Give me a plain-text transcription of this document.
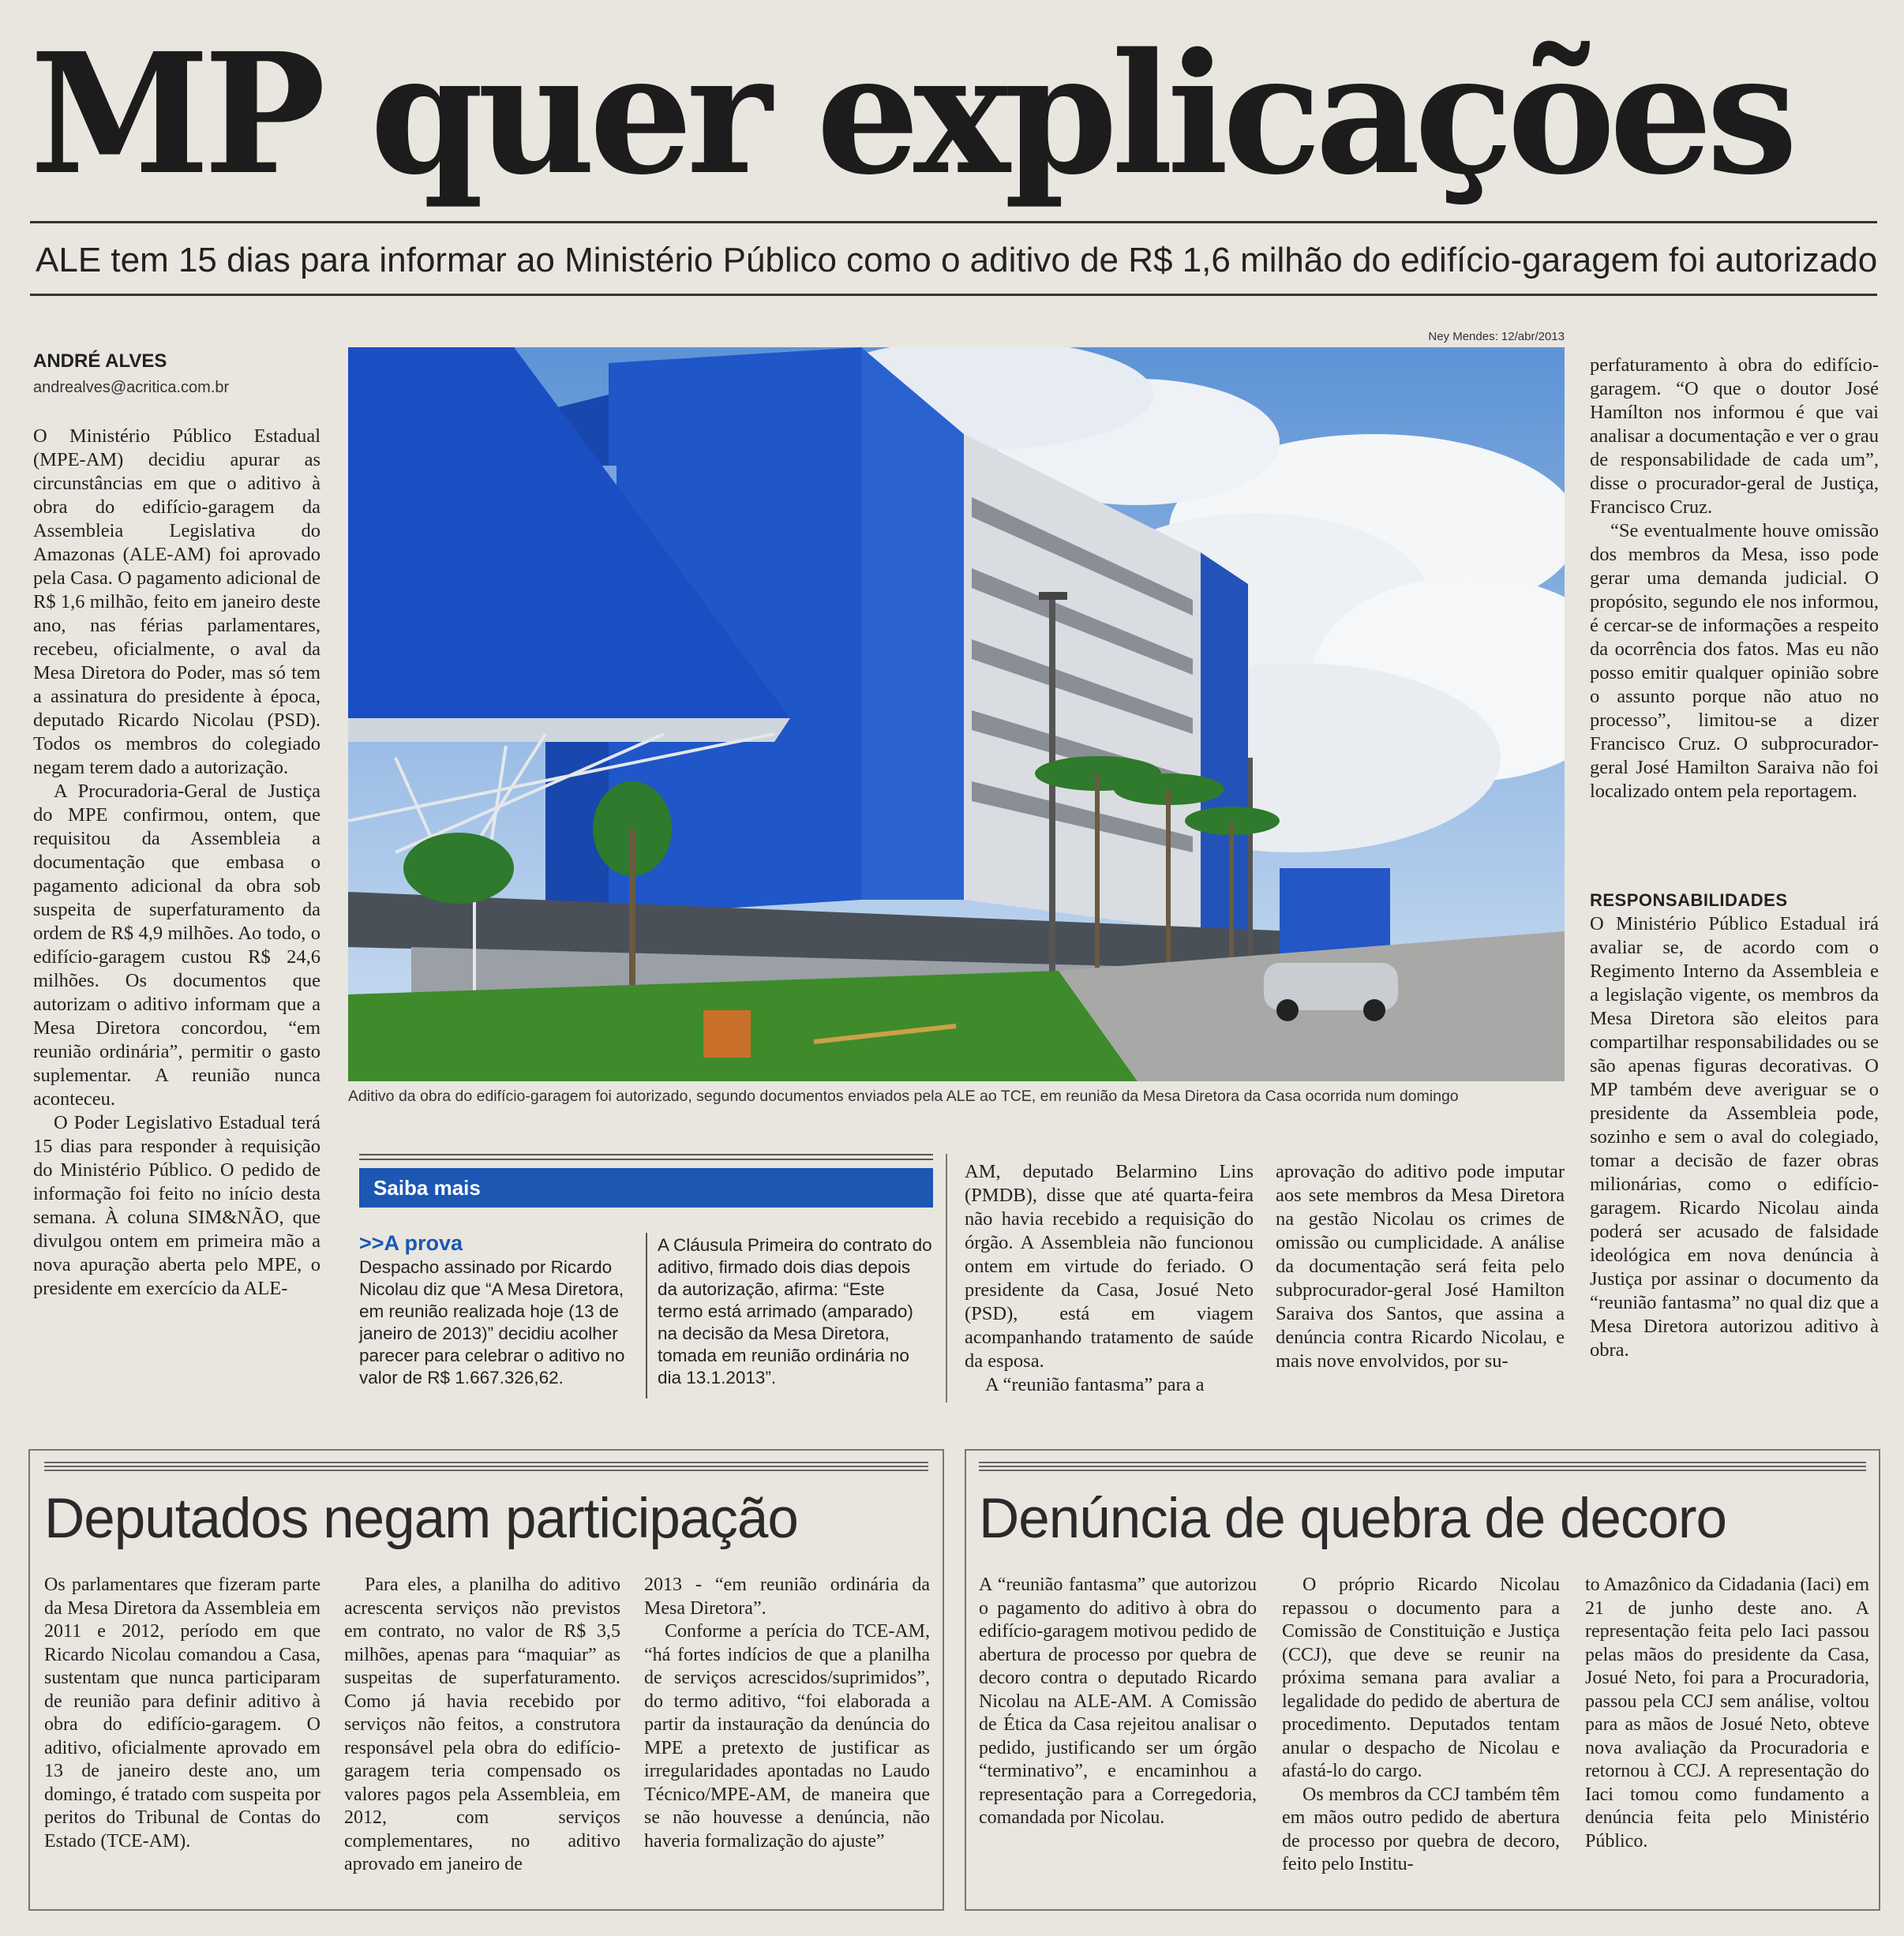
MP quer explicações
ALE tem 15 dias para informar ao Ministério Público como o aditivo de R$ 1,6 milhão do edifício-garagem foi autorizado
ANDRÉ ALVES
andrealves@acritica.com.br

O Ministério Público Estadual (MPE-AM) decidiu apurar as circunstâncias em que o aditivo à obra do edifício-garagem da Assembleia Legislativa do Amazonas (ALE-AM) foi aprovado pela Casa. O pagamento adicional de R$ 1,6 milhão, feito em janeiro deste ano, nas férias parlamentares, recebeu, oficialmente, o aval da Mesa Diretora do Poder, mas só tem a assinatura do presidente à época, deputado Ricardo Nicolau (PSD). Todos os membros do colegiado negam terem dado a autorização.

A Procuradoria-Geral de Justiça do MPE confirmou, ontem, que requisitou da Assembleia a documentação que embasa o pagamento adicional da obra sob suspeita de superfaturamento da ordem de R$ 4,9 milhões. Ao todo, o edifício-garagem custou R$ 24,6 milhões. Os documentos que autorizam o aditivo informam que a Mesa Diretora concordou, “em reunião ordinária”, permitir o gasto suplementar. A reunião nunca aconteceu.

O Poder Legislativo Estadual terá 15 dias para responder à requisição do Ministério Público. O pedido de informação foi feito no início desta semana. À coluna SIM&NÃO, que divulgou ontem em primeira mão a nova apuração aberta pelo MPE, o presidente em exercício da ALE-

Ney Mendes: 12/abr/2013
Aditivo da obra do edifício-garagem foi autorizado, segundo documentos enviados pela ALE ao TCE, em reunião da Mesa Diretora da Casa ocorrida num domingo
Saiba mais
>>A prova
Despacho assinado por Ricardo Nicolau diz que “A Mesa Diretora, em reunião realizada hoje (13 de janeiro de 2013)” decidiu acolher parecer para celebrar o aditivo no valor de R$ 1.667.326,62.
A Cláusula Primeira do contrato do aditivo, firmado dois dias depois da autorização, afirma: “Este termo está arrimado (amparado) na decisão da Mesa Diretora, tomada em reunião ordinária no dia 13.1.2013”.

AM, deputado Belarmino Lins (PMDB), disse que até quarta-feira não havia recebido a requisição do órgão. A Assembleia não funcionou ontem em virtude do feriado. O presidente da Casa, Josué Neto (PSD), está em viagem acompanhando tratamento de saúde da esposa.

A “reunião fantasma” para a

aprovação do aditivo pode imputar aos sete membros da Mesa Diretora na gestão Nicolau os crimes de omissão ou cumplicidade. A análise da documentação será feita pelo subprocurador-geral José Hamilton Saraiva dos Santos, que assina a denúncia contra Ricardo Nicolau, e mais nove envolvidos, por su-

perfaturamento à obra do edifício-garagem. “O que o doutor José Hamílton nos informou é que vai analisar a documentação e ver o grau de responsabilidade de cada um”, disse o procurador-geral de Justiça, Francisco Cruz.

“Se eventualmente houve omissão dos membros da Mesa, isso pode gerar uma demanda judicial. O propósito, segundo ele nos informou, é cercar-se de informações a respeito da ocorrência dos fatos. Mas eu não posso emitir qualquer opinião sobre o assunto porque não atuo no processo”, limitou-se a dizer Francisco Cruz. O subprocurador-geral José Hamilton Saraiva não foi localizado ontem pela reportagem.

RESPONSABILIDADES

O Ministério Público Estadual irá avaliar se, de acordo com o Regimento Interno da Assembleia e a legislação vigente, os membros da Mesa Diretora são eleitos para compartilhar responsabilidades ou se são apenas figuras decorativas. O MP também deve averiguar se o presidente da Assembleia pode, sozinho e sem o aval do colegiado, tomar a decisão de fazer obras milionárias, como o edifício-garagem. Ricardo Nicolau ainda poderá ser acusado de falsidade ideológica em nova denúncia à Justiça por assinar o documento da “reunião fantasma” no qual diz que a Mesa Diretora autorizou aditivo à obra.

Deputados negam participação

Os parlamentares que fizeram parte da Mesa Diretora da Assembleia em 2011 e 2012, período em que Ricardo Nicolau comandou a Casa, sustentam que nunca participaram de reunião para definir aditivo à obra do edifício-garagem. O aditivo, oficialmente aprovado em 13 de janeiro deste ano, um domingo, é tratado com suspeita por peritos do Tribunal de Contas do Estado (TCE-AM).

Para eles, a planilha do aditivo acrescenta serviços não previstos em contrato, no valor de R$ 3,5 milhões, apenas para “maquiar” as suspeitas de superfaturamento. Como já havia recebido por serviços não feitos, a construtora responsável pela obra do edifício-garagem teria compensado os valores pagos pela Assembleia, em 2012, com serviços complementares, no aditivo aprovado em janeiro de

2013 - “em reunião ordinária da Mesa Diretora”.

Conforme a perícia do TCE-AM, “há fortes indícios de que a planilha de serviços acrescidos/suprimidos”, do termo aditivo, “foi elaborada a partir da instauração da denúncia do MPE a pretexto de justificar as irregularidades apontadas no Laudo Técnico/MPE-AM, de maneira que se não houvesse a denúncia, não haveria formalização do ajuste”

Denúncia de quebra de decoro

A “reunião fantasma” que autorizou o pagamento do aditivo à obra do edifício-garagem motivou pedido de abertura de processo por quebra de decoro contra o deputado Ricardo Nicolau na ALE-AM. A Comissão de Ética da Casa rejeitou analisar o pedido, justificando ser um órgão “terminativo”, e encaminhou a representação para a Corregedoria, comandada por Nicolau.

O próprio Ricardo Nicolau repassou o documento para a Comissão de Constituição e Justiça (CCJ), que deve se reunir na próxima semana para avaliar a legalidade do pedido de abertura de procedimento. Deputados tentam anular o despacho de Nicolau e afastá-lo do cargo.

Os membros da CCJ também têm em mãos outro pedido de abertura de processo por quebra de decoro, feito pelo Institu-

to Amazônico da Cidadania (Iaci) em 21 de junho deste ano. A representação feita pelo Iaci passou pelas mãos do presidente da Casa, Josué Neto, foi para a Procuradoria, passou pela CCJ sem análise, voltou para as mãos de Josué Neto, obteve nova avaliação da Procuradoria e retornou à CCJ. A representação do Iaci tomou como fundamento a denúncia feita pelo Ministério Público.
